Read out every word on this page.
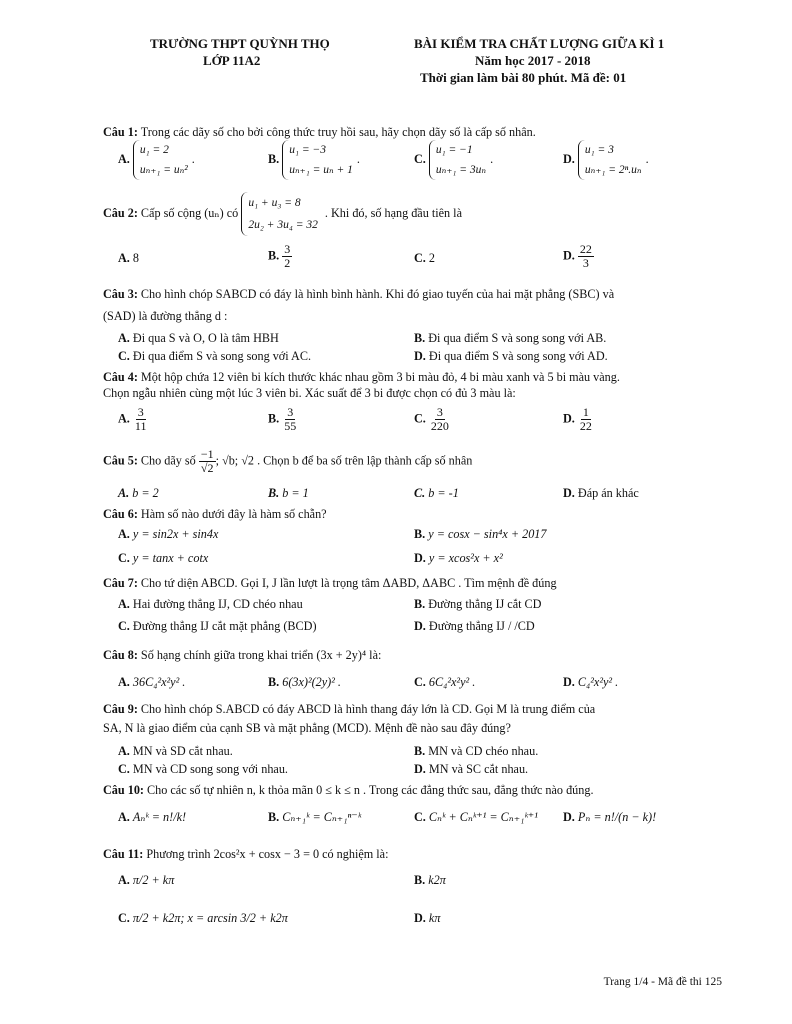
TRƯỜNG THPT QUỲNH THỌ
LỚP 11A2
BÀI KIỂM TRA CHẤT LƯỢNG GIỮA KÌ 1
Năm học 2017 - 2018
Thời gian làm bài 80 phút. Mã đề: 01
Câu 1: Trong các dãy số cho bởi công thức truy hồi sau, hãy chọn dãy số là cấp số nhân.
A. u₁ = 2
uₙ₊₁ = uₙ².	B. u₁ = −3
uₙ₊₁ = uₙ + 1.	C. u₁ = −1
uₙ₊₁ = 3uₙ.	D. u₁ = 3
uₙ₊₁ = 2ⁿ.uₙ.
Câu 2: Cấp số cộng (uₙ) có u₁ + u₃ = 8
2u₂ + 3u₄ = 32 . Khi đó, số hạng đầu tiên là
A. 8	B. $\frac{3}{2}$	C. 2	D. $\frac{22}{3}$
Câu 3: Cho hình chóp SABCD có đáy là hình bình hành. Khi đó giao tuyến của hai mặt phẳng (SBC) và
(SAD) là đường thẳng d :
A. Đi qua S và O, O là tâm HBH	B. Đi qua điểm S và song song với AB.
C. Đi qua điểm S và song song với AC.	D. Đi qua điểm S và song song với AD.
Câu 4: Một hộp chứa 12 viên bi kích thước khác nhau gồm 3 bi màu đỏ, 4 bi màu xanh và 5 bi màu vàng.
Chọn ngẫu nhiên cùng một lúc 3 viên bi. Xác suất để 3 bi được chọn có đủ 3 màu là:
A. $\frac{3}{11}$	B. $\frac{3}{55}$	C. $\frac{3}{220}$	D. $\frac{1}{22}$
Câu 5: Cho dãy số $\frac{-1}{√2}$ ; √b; √2 . Chọn b để ba số trên lập thành cấp số nhân
A. b = 2	B. b = 1	C. b = -1	D. Đáp án khác
Câu 6: Hàm số nào dưới đây là hàm số chẵn?
A. y = sin2x + sin4x	B. y = cosx − sin⁴x + 2017
C. y = tanx + cotx	D. y = xcos²x + x²
Câu 7: Cho tứ diện ABCD. Gọi I, J lần lượt là trọng tâm ΔABD, ΔABC . Tìm mệnh đề đúng
A. Hai đường thẳng IJ, CD chéo nhau	B. Đường thẳng IJ cắt CD
C. Đường thẳng IJ cắt mặt phẳng (BCD)	D. Đường thẳng IJ / /CD
Câu 8: Số hạng chính giữa trong khai triển (3x + 2y)⁴ là:
A. 36C₄²x²y² .	B. 6(3x)²(2y)² .	C. 6C₄²x²y² .	D. C₄²x²y² .
Câu 9: Cho hình chóp S.ABCD có đáy ABCD là hình thang đáy lớn là CD. Gọi M là trung điểm của
SA, N là giao điểm của cạnh SB và mặt phẳng (MCD). Mệnh đề nào sau đây đúng?
A. MN và SD cắt nhau.	B. MN và CD chéo nhau.
C. MN và CD song song với nhau.	D. MN và SC cắt nhau.
Câu 10: Cho các số tự nhiên n, k thỏa mãn 0 ≤ k ≤ n . Trong các đẳng thức sau, đẳng thức nào đúng.
A. Aₙᵏ = n!/k!	B. Cₙ₊₁ᵏ = Cₙ₊₁ⁿ⁻ᵏ	C. Cₙᵏ + Cₙᵏ⁺¹ = Cₙ₊₁ᵏ⁺¹ D. Pₙ = n!/(n − k)!
Câu 11: Phương trình 2cos²x + cosx − 3 = 0 có nghiệm là:
A. π/2 + kπ	B. k2π
C. π/2 + k2π; x = arcsin 3/2 + k2π	D. kπ
Trang 1/4 - Mã đề thi 125
